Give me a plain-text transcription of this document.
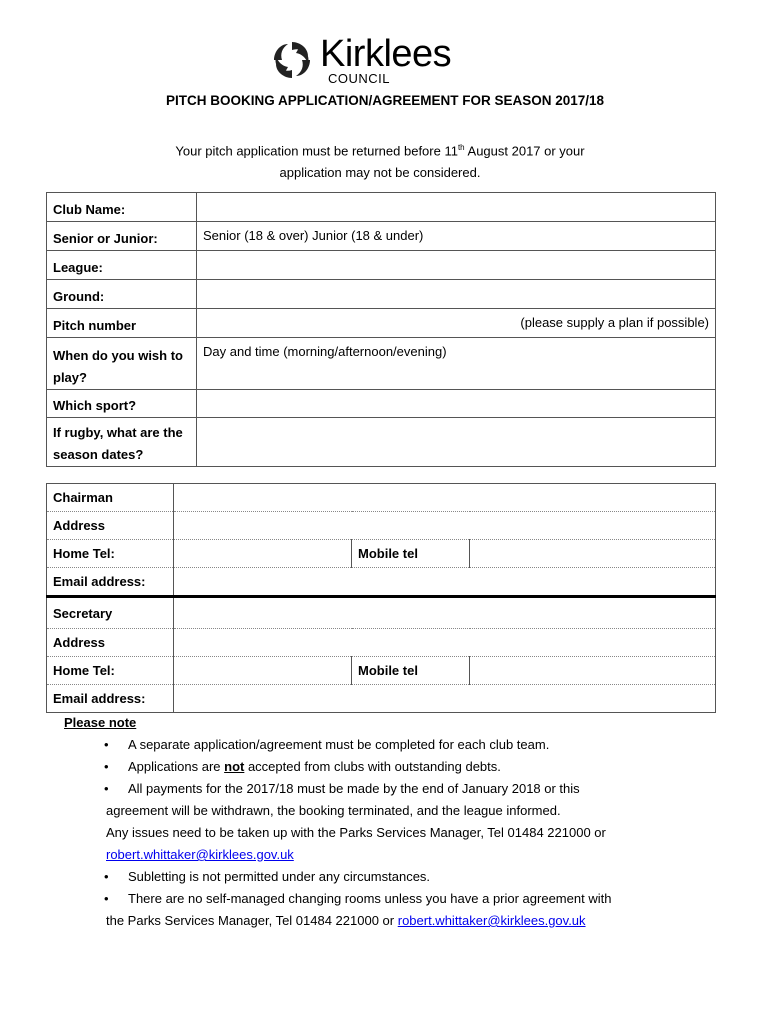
Kirklees
COUNCIL
PITCH BOOKING APPLICATION/AGREEMENT FOR SEASON 2017/18
Your pitch application must be returned before 11th August 2017 or your
application may not be considered.
Club Name:	
Senior or Junior:	Senior (18 & over) Junior (18 & under)
League:	
Ground:	
Pitch number	(please supply a plan if possible)
When do you wish to play?	Day and time (morning/afternoon/evening)
Which sport?	
If rugby, what are the season dates?	
Chairman			
Address			
Home Tel:		Mobile tel	
Email address:			
Secretary			
Address			
Home Tel:		Mobile tel	
Email address:			
Please note
• A separate application/agreement must be completed for each club team.
• Applications are not accepted from clubs with outstanding debts.
• All payments for the 2017/18 must be made by the end of January 2018 or this
agreement will be withdrawn, the booking terminated, and the league informed.
Any issues need to be taken up with the Parks Services Manager, Tel 01484 221000 or
robert.whittaker@kirklees.gov.uk
• Subletting is not permitted under any circumstances.
• There are no self-managed changing rooms unless you have a prior agreement with
the Parks Services Manager, Tel 01484 221000 or robert.whittaker@kirklees.gov.uk
